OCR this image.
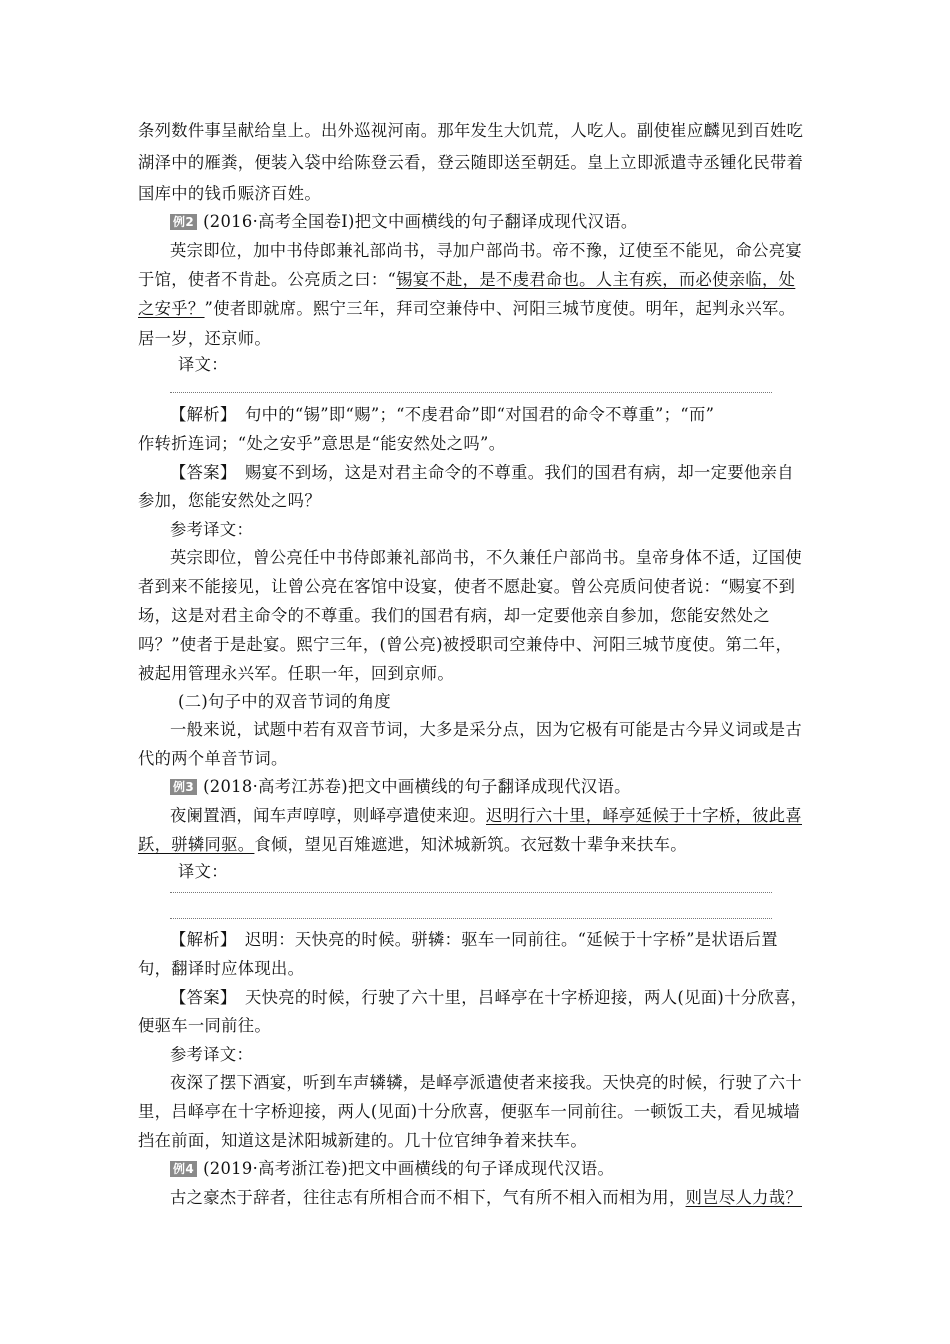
条列数件事呈献给皇上。出外巡视河南。那年发生大饥荒，人吃人。副使崔应麟见到百姓吃
湖泽中的雁粪，便装入袋中给陈登云看，登云随即送至朝廷。皇上立即派遣寺丞锺化民带着
国库中的钱币赈济百姓。
例2 (2016·高考全国卷Ⅰ)把文中画横线的句子翻译成现代汉语。
英宗即位，加中书侍郎兼礼部尚书，寻加户部尚书。帝不豫，辽使至不能见，命公亮宴
于馆，使者不肯赴。公亮质之曰：“锡宴不赴，是不虔君命也。人主有疾，而必使亲临，处
之安乎？”使者即就席。熙宁三年，拜司空兼侍中、河阳三城节度使。明年，起判永兴军。
居一岁，还京师。
译文：
【解析】　句中的“锡”即“赐”；“不虔君命”即“对国君的命令不尊重”；“而”
作转折连词；“处之安乎”意思是“能安然处之吗”。
【答案】　赐宴不到场，这是对君主命令的不尊重。我们的国君有病，却一定要他亲自
参加，您能安然处之吗？
参考译文：
英宗即位，曾公亮任中书侍郎兼礼部尚书，不久兼任户部尚书。皇帝身体不适，辽国使
者到来不能接见，让曾公亮在客馆中设宴，使者不愿赴宴。曾公亮质问使者说：“赐宴不到
场，这是对君主命令的不尊重。我们的国君有病，却一定要他亲自参加，您能安然处之
吗？”使者于是赴宴。熙宁三年，(曾公亮)被授职司空兼侍中、河阳三城节度使。第二年，
被起用管理永兴军。任职一年，回到京师。
(二)句子中的双音节词的角度
一般来说，试题中若有双音节词，大多是采分点，因为它极有可能是古今异义词或是古
代的两个单音节词。
例3 (2018·高考江苏卷)把文中画横线的句子翻译成现代汉语。
夜阑置酒，闻车声啍啍，则峄亭遣使来迎。迟明行六十里，峄亭延候于十字桥，彼此喜
跃，骈辚同驱。食倾，望见百雉遮迣，知沭城新筑。衣冠数十辈争来扶车。
译文：
【解析】　迟明：天快亮的时候。骈辚：驱车一同前往。“延候于十字桥”是状语后置
句，翻译时应体现出。
【答案】　天快亮的时候，行驶了六十里，吕峄亭在十字桥迎接，两人(见面)十分欣喜，
便驱车一同前往。
参考译文：
夜深了摆下酒宴，听到车声辚辚，是峄亭派遣使者来接我。天快亮的时候，行驶了六十
里，吕峄亭在十字桥迎接，两人(见面)十分欣喜，便驱车一同前往。一顿饭工夫，看见城墙
挡在前面，知道这是沭阳城新建的。几十位官绅争着来扶车。
例4 (2019·高考浙江卷)把文中画横线的句子译成现代汉语。
古之豪杰于辞者，往往志有所相合而不相下，气有所不相入而相为用，则岂尽人力哉？
